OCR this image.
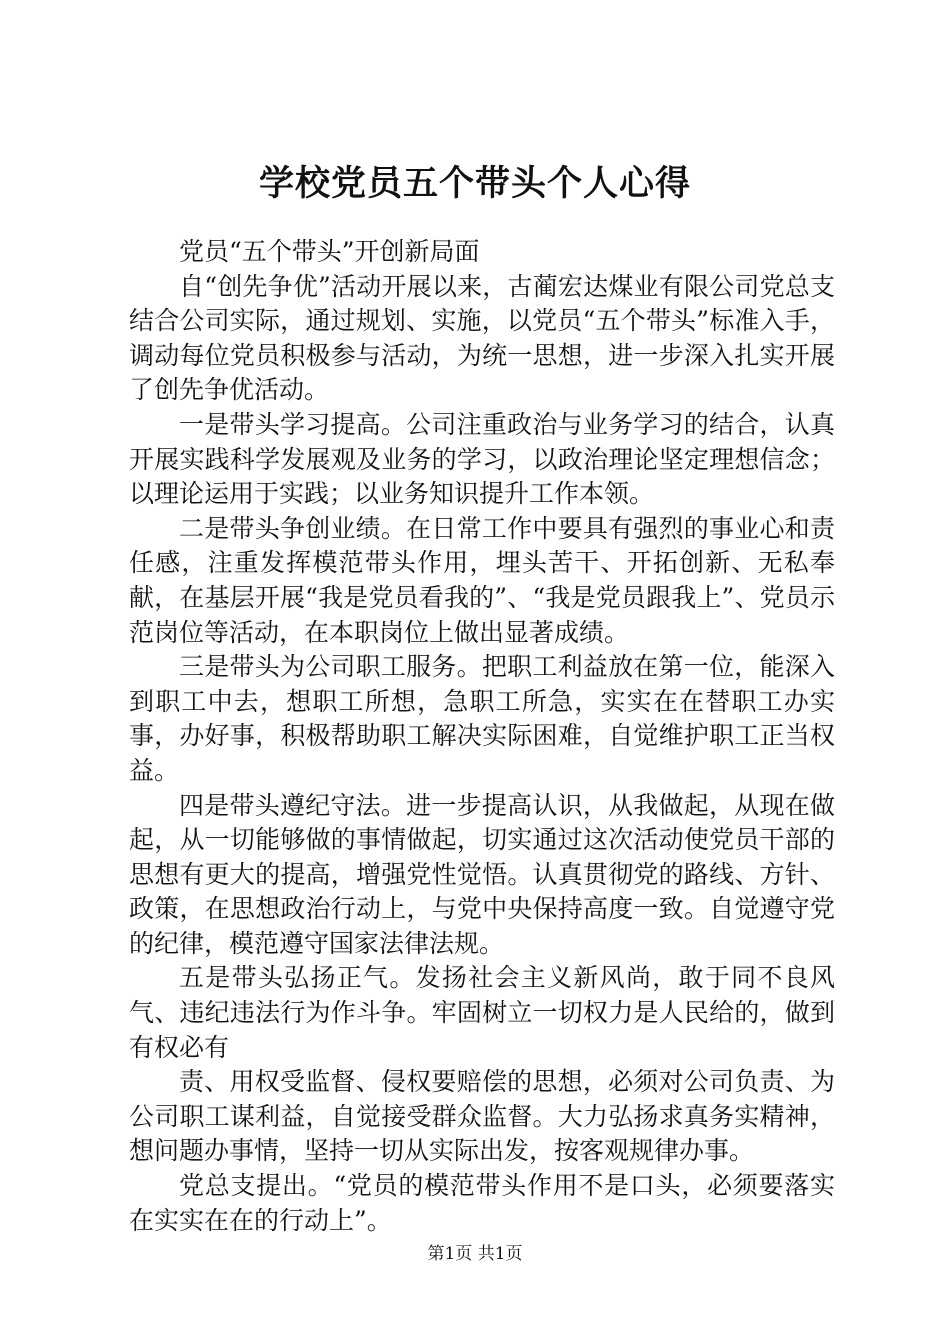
学校党员五个带头个人心得

党员“五个带头”开创新局面

自“创先争优”活动开展以来，古蔺宏达煤业有限公司党总支结合公司实际，通过规划、实施，以党员“五个带头”标准入手，调动每位党员积极参与活动，为统一思想，进一步深入扎实开展了创先争优活动。

一是带头学习提高。公司注重政治与业务学习的结合，认真开展实践科学发展观及业务的学习，以政治理论坚定理想信念；以理论运用于实践；以业务知识提升工作本领。

二是带头争创业绩。在日常工作中要具有强烈的事业心和责任感，注重发挥模范带头作用，埋头苦干、开拓创新、无私奉献，在基层开展“我是党员看我的”、“我是党员跟我上”、党员示范岗位等活动，在本职岗位上做出显著成绩。

三是带头为公司职工服务。把职工利益放在第一位，能深入到职工中去，想职工所想，急职工所急，实实在在替职工办实事，办好事，积极帮助职工解决实际困难，自觉维护职工正当权益。

四是带头遵纪守法。进一步提高认识，从我做起，从现在做起，从一切能够做的事情做起，切实通过这次活动使党员干部的思想有更大的提高，增强党性觉悟。认真贯彻党的路线、方针、政策，在思想政治行动上，与党中央保持高度一致。自觉遵守党的纪律，模范遵守国家法律法规。

五是带头弘扬正气。发扬社会主义新风尚，敢于同不良风气、违纪违法行为作斗争。牢固树立一切权力是人民给的，做到有权必有

责、用权受监督、侵权要赔偿的思想，必须对公司负责、为公司职工谋利益，自觉接受群众监督。大力弘扬求真务实精神，想问题办事情，坚持一切从实际出发，按客观规律办事。

党总支提出。“党员的模范带头作用不是口头，必须要落实在实实在在的行动上”。

第1页 共1页
